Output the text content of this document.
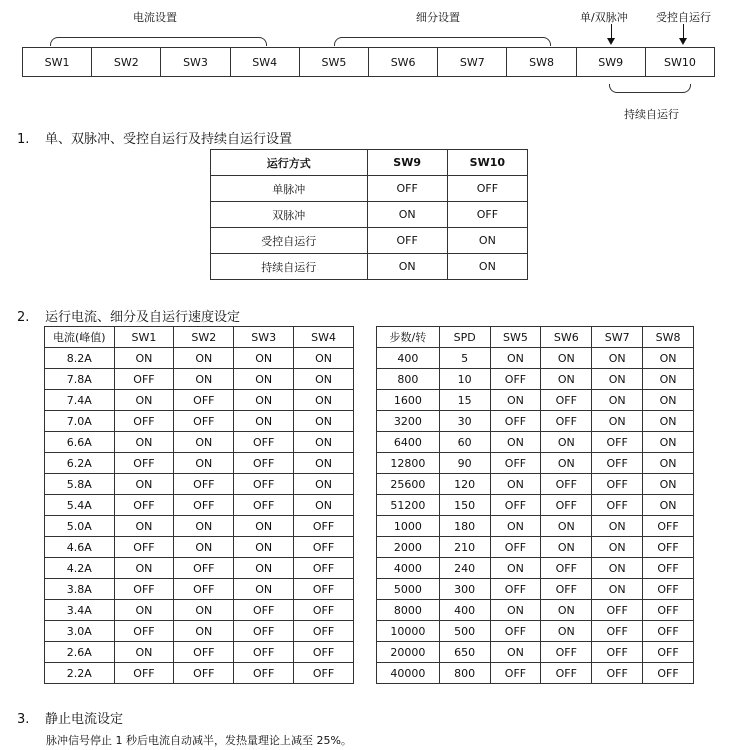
电流设置	细分设置	单/双脉冲	受控自运行
SW1	SW2	SW3	SW4	SW5	SW6	SW7	SW8	SW9	SW10
持续自运行
1. 单、双脉冲、受控自运行及持续自运行设置
运行方式	SW9	SW10
单脉冲	OFF	OFF
双脉冲	ON	OFF
受控自运行	OFF	ON
持续自运行	ON	ON
2. 运行电流、细分及自运行速度设定
电流(峰值)	SW1	SW2	SW3	SW4
8.2A	ON	ON	ON	ON
7.8A	OFF	ON	ON	ON
7.4A	ON	OFF	ON	ON
7.0A	OFF	OFF	ON	ON
6.6A	ON	ON	OFF	ON
6.2A	OFF	ON	OFF	ON
5.8A	ON	OFF	OFF	ON
5.4A	OFF	OFF	OFF	ON
5.0A	ON	ON	ON	OFF
4.6A	OFF	ON	ON	OFF
4.2A	ON	OFF	ON	OFF
3.8A	OFF	OFF	ON	OFF
3.4A	ON	ON	OFF	OFF
3.0A	OFF	ON	OFF	OFF
2.6A	ON	OFF	OFF	OFF
2.2A	OFF	OFF	OFF	OFF
步数/转	SPD	SW5	SW6	SW7	SW8
400	5	ON	ON	ON	ON
800	10	OFF	ON	ON	ON
1600	15	ON	OFF	ON	ON
3200	30	OFF	OFF	ON	ON
6400	60	ON	ON	OFF	ON
12800	90	OFF	ON	OFF	ON
25600	120	ON	OFF	OFF	ON
51200	150	OFF	OFF	OFF	ON
1000	180	ON	ON	ON	OFF
2000	210	OFF	ON	ON	OFF
4000	240	ON	OFF	ON	OFF
5000	300	OFF	OFF	ON	OFF
8000	400	ON	ON	OFF	OFF
10000	500	OFF	ON	OFF	OFF
20000	650	ON	OFF	OFF	OFF
40000	800	OFF	OFF	OFF	OFF
3. 静止电流设定
脉冲信号停止 1 秒后电流自动减半，发热量理论上减至 25%。
